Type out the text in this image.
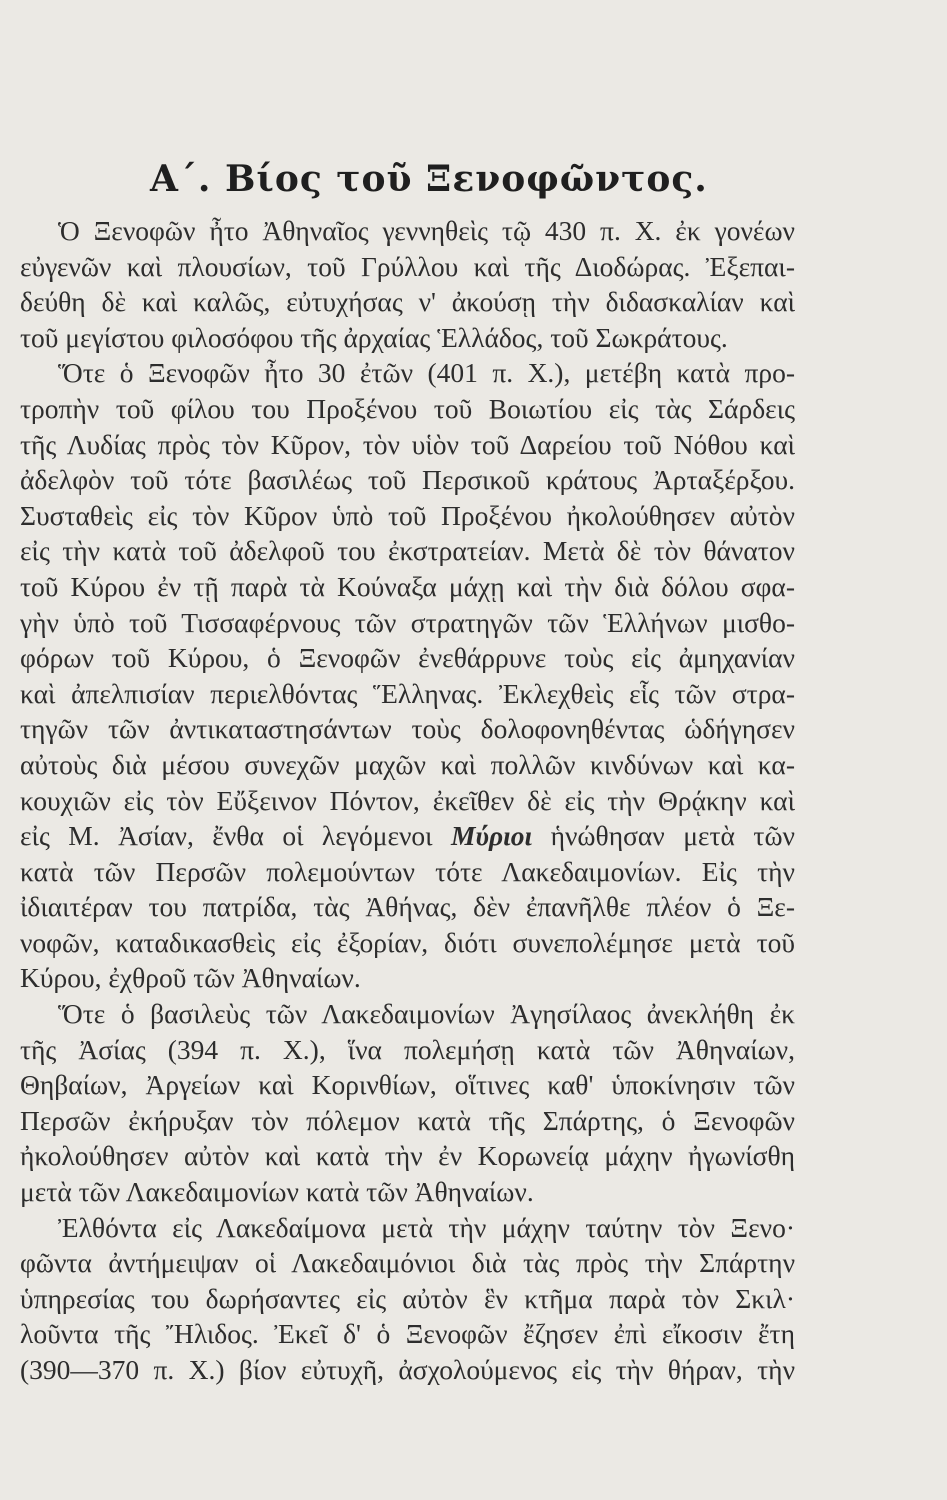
Α΄. Βίος τοῦ Ξενοφῶντος.
Ὁ Ξενοφῶν ἦτο Ἀθηναῖος γεννηθεὶς τῷ 430 π. Χ. ἐκ γονέων
εὐγενῶν καὶ πλουσίων, τοῦ Γρύλλου καὶ τῆς Διοδώρας. Ἐξεπαι-
δεύθη δὲ καὶ καλῶς, εὐτυχήσας ν' ἀκούσῃ τὴν διδασκαλίαν καὶ
τοῦ μεγίστου φιλοσόφου τῆς ἀρχαίας Ἑλλάδος, τοῦ Σωκράτους.
Ὅτε ὁ Ξενοφῶν ἦτο 30 ἐτῶν (401 π. Χ.), μετέβη κατὰ προ-
τροπὴν τοῦ φίλου του Προξένου τοῦ Βοιωτίου εἰς τὰς Σάρδεις
τῆς Λυδίας πρὸς τὸν Κῦρον, τὸν υἱὸν τοῦ Δαρείου τοῦ Νόθου καὶ
ἀδελφὸν τοῦ τότε βασιλέως τοῦ Περσικοῦ κράτους Ἀρταξέρξου.
Συσταθεὶς εἰς τὸν Κῦρον ὑπὸ τοῦ Προξένου ἠκολούθησεν αὐτὸν
εἰς τὴν κατὰ τοῦ ἀδελφοῦ του ἐκστρατείαν. Μετὰ δὲ τὸν θάνατον
τοῦ Κύρου ἐν τῇ παρὰ τὰ Κούναξα μάχῃ καὶ τὴν διὰ δόλου σφα-
γὴν ὑπὸ τοῦ Τισσαφέρνους τῶν στρατηγῶν τῶν Ἑλλήνων μισθο-
φόρων τοῦ Κύρου, ὁ Ξενοφῶν ἐνεθάρρυνε τοὺς εἰς ἀμηχανίαν
καὶ ἀπελπισίαν περιελθόντας Ἕλληνας. Ἐκλεχθεὶς εἷς τῶν στρα-
τηγῶν τῶν ἀντικαταστησάντων τοὺς δολοφονηθέντας ὡδήγησεν
αὐτοὺς διὰ μέσου συνεχῶν μαχῶν καὶ πολλῶν κινδύνων καὶ κα-
κουχιῶν εἰς τὸν Εὔξεινον Πόντον, ἐκεῖθεν δὲ εἰς τὴν Θρᾴκην καὶ
εἰς Μ. Ἀσίαν, ἔνθα οἱ λεγόμενοι Μύριοι ἡνώθησαν μετὰ τῶν
κατὰ τῶν Περσῶν πολεμούντων τότε Λακεδαιμονίων. Εἰς τὴν
ἰδιαιτέραν του πατρίδα, τὰς Ἀθήνας, δὲν ἐπανῆλθε πλέον ὁ Ξε-
νοφῶν, καταδικασθεὶς εἰς ἐξορίαν, διότι συνεπολέμησε μετὰ τοῦ
Κύρου, ἐχθροῦ τῶν Ἀθηναίων.
Ὅτε ὁ βασιλεὺς τῶν Λακεδαιμονίων Ἀγησίλαος ἀνεκλήθη ἐκ
τῆς Ἀσίας (394 π. Χ.), ἵνα πολεμήσῃ κατὰ τῶν Ἀθηναίων,
Θηβαίων, Ἀργείων καὶ Κορινθίων, οἵτινες καθ' ὑποκίνησιν τῶν
Περσῶν ἐκήρυξαν τὸν πόλεμον κατὰ τῆς Σπάρτης, ὁ Ξενοφῶν
ἠκολούθησεν αὐτὸν καὶ κατὰ τὴν ἐν Κορωνείᾳ μάχην ἠγωνίσθη
μετὰ τῶν Λακεδαιμονίων κατὰ τῶν Ἀθηναίων.
Ἐλθόντα εἰς Λακεδαίμονα μετὰ τὴν μάχην ταύτην τὸν Ξενο·
φῶντα ἀντήμειψαν οἱ Λακεδαιμόνιοι διὰ τὰς πρὸς τὴν Σπάρτην
ὑπηρεσίας του δωρήσαντες εἰς αὐτὸν ἓν κτῆμα παρὰ τὸν Σκιλ·
λοῦντα τῆς Ἤλιδος. Ἐκεῖ δ' ὁ Ξενοφῶν ἔζησεν ἐπὶ εἴκοσιν ἔτη
(390—370 π. Χ.) βίον εὐτυχῆ, ἀσχολούμενος εἰς τὴν θήραν, τὴν
